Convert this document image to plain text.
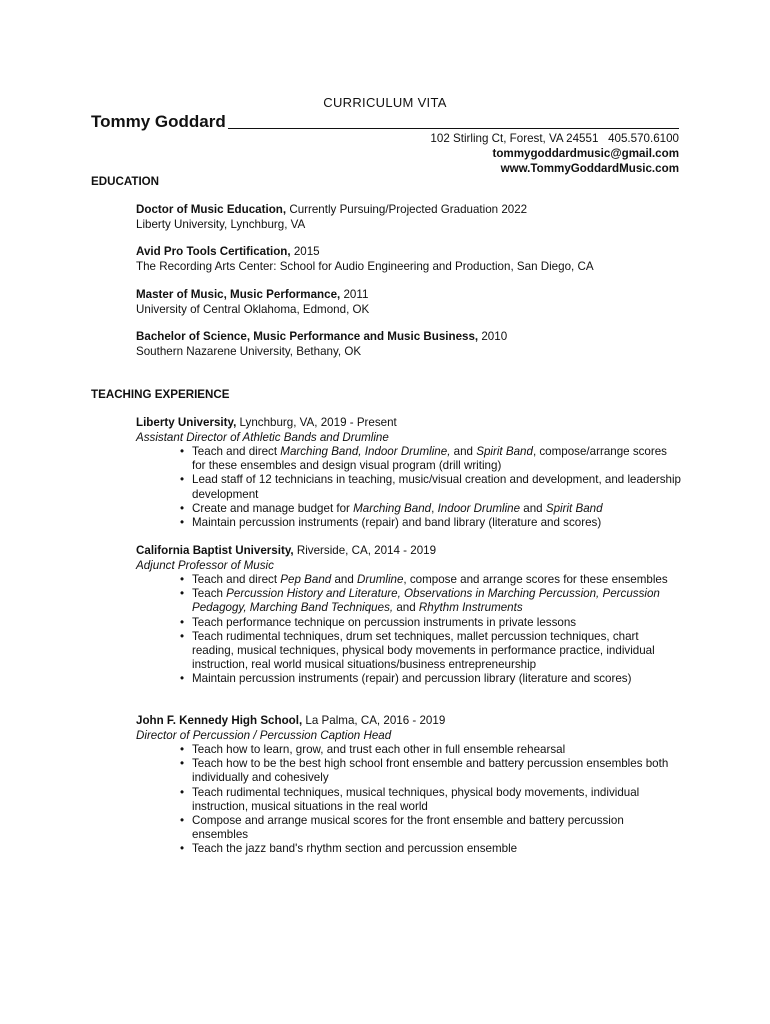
CURRICULUM VITA
Tommy Goddard
102 Stirling Ct, Forest, VA 24551 405.570.6100
tommygoddardmusic@gmail.com
www.TommyGoddardMusic.com
EDUCATION
Doctor of Music Education, Currently Pursuing/Projected Graduation 2022
Liberty University, Lynchburg, VA
Avid Pro Tools Certification, 2015
The Recording Arts Center: School for Audio Engineering and Production, San Diego, CA
Master of Music, Music Performance, 2011
University of Central Oklahoma, Edmond, OK
Bachelor of Science, Music Performance and Music Business, 2010
Southern Nazarene University, Bethany, OK
TEACHING EXPERIENCE
Liberty University, Lynchburg, VA, 2019 - Present
Assistant Director of Athletic Bands and Drumline
• Teach and direct Marching Band, Indoor Drumline, and Spirit Band, compose/arrange scores for these ensembles and design visual program (drill writing)
• Lead staff of 12 technicians in teaching, music/visual creation and development, and leadership development
• Create and manage budget for Marching Band, Indoor Drumline and Spirit Band
• Maintain percussion instruments (repair) and band library (literature and scores)
California Baptist University, Riverside, CA, 2014 - 2019
Adjunct Professor of Music
• Teach and direct Pep Band and Drumline, compose and arrange scores for these ensembles
• Teach Percussion History and Literature, Observations in Marching Percussion, Percussion Pedagogy, Marching Band Techniques, and Rhythm Instruments
• Teach performance technique on percussion instruments in private lessons
• Teach rudimental techniques, drum set techniques, mallet percussion techniques, chart reading, musical techniques, physical body movements in performance practice, individual instruction, real world musical situations/business entrepreneurship
• Maintain percussion instruments (repair) and percussion library (literature and scores)
John F. Kennedy High School, La Palma, CA, 2016 - 2019
Director of Percussion / Percussion Caption Head
• Teach how to learn, grow, and trust each other in full ensemble rehearsal
• Teach how to be the best high school front ensemble and battery percussion ensembles both individually and cohesively
• Teach rudimental techniques, musical techniques, physical body movements, individual instruction, musical situations in the real world
• Compose and arrange musical scores for the front ensemble and battery percussion ensembles
• Teach the jazz band's rhythm section and percussion ensemble
